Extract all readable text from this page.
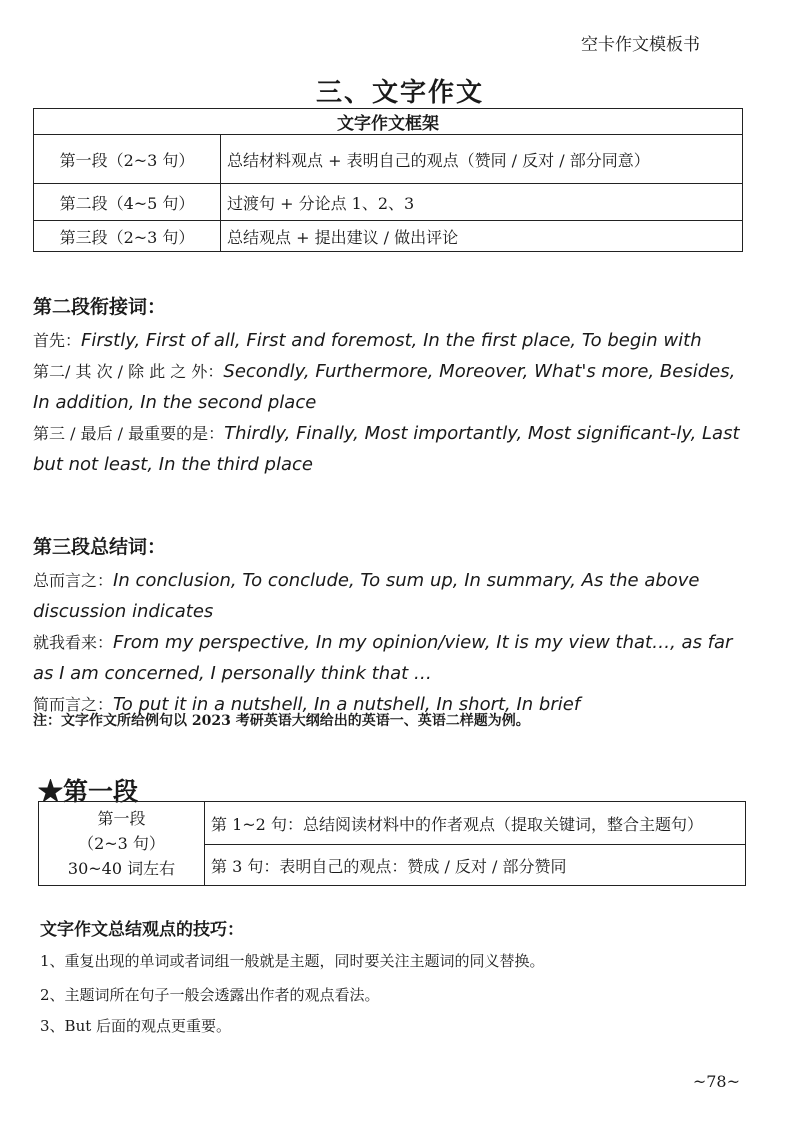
空卡作文模板书
三、文字作文
文字作文框架	
第一段（2~3 句）	总结材料观点 + 表明自己的观点（赞同 / 反对 / 部分同意）
第二段（4~5 句）	过渡句 + 分论点 1、2、3
第三段（2~3 句）	总结观点 + 提出建议 / 做出评论
第二段衔接词：
首先：Firstly, First of all, First and foremost, In the first place, To begin with
第二/ 其 次 / 除 此 之 外：Secondly, Furthermore, Moreover, What's more, Besides, In addition, In the second place
第三 / 最后 / 最重要的是：Thirdly, Finally, Most importantly, Most significant-ly, Last but not least, In the third place
第三段总结词：
总而言之：In conclusion, To conclude, To sum up, In summary, As the above discussion indicates
就我看来：From my perspective, In my opinion/view, It is my view that…, as far as I am concerned, I personally think that …
简而言之：To put it in a nutshell, In a nutshell, In short, In brief
注：文字作文所给例句以 2023 考研英语大纲给出的英语一、英语二样题为例。
★第一段
第一段
（2~3 句）
30~40 词左右
	第 1~2 句：总结阅读材料中的作者观点（提取关键词，整合主题句）
第 3 句：表明自己的观点：赞成 / 反对 / 部分赞同
文字作文总结观点的技巧：
1、重复出现的单词或者词组一般就是主题，同时要关注主题词的同义替换。
2、主题词所在句子一般会透露出作者的观点看法。
3、But 后面的观点更重要。
~78~
